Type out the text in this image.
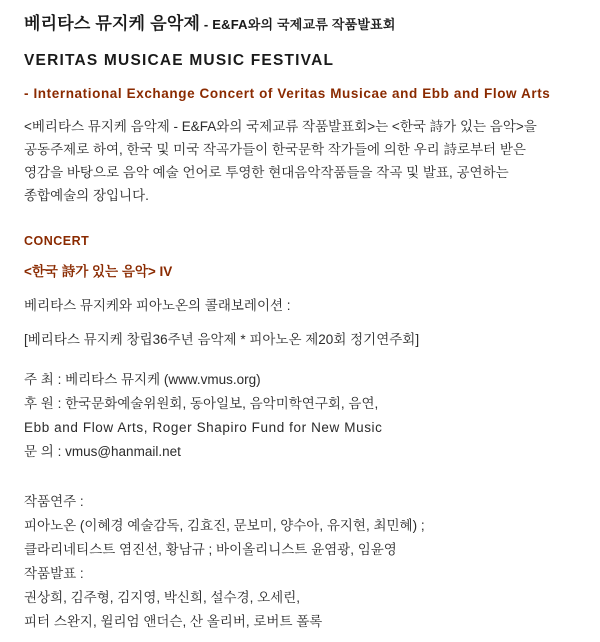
베리타스 뮤지케 음악제 - E&FA와의 국제교류 작품발표회
VERITAS MUSICAE MUSIC FESTIVAL
- International Exchange Concert of Veritas Musicae and Ebb and Flow Arts
<베리타스 뮤지케 음악제 - E&FA와의 국제교류 작품발표회>는 <한국 詩가 있는 음악>을
공동주제로 하여, 한국 및 미국 작곡가들이 한국문학 작가들에 의한 우리 詩로부터 받은
영감을 바탕으로 음악 예술 언어로 투영한 현대음악작품들을 작곡 및 발표, 공연하는
종합예술의 장입니다.
CONCERT
<한국 詩가 있는 음악> IV
베리타스 뮤지케와 피아노온의 콜래보레이션 :
[베리타스 뮤지케 창립36주년 음악제 * 피아노온 제20회 정기연주회]
주 최 : 베리타스 뮤지케 (www.vmus.org)
후 원 : 한국문화예술위원회, 동아일보, 음악미학연구회, 음연,
Ebb and Flow Arts, Roger Shapiro Fund for New Music
문 의 : vmus@hanmail.net
작품연주 :
피아노온 (이혜경 예술감독, 김효진, 문보미, 양수아, 유지현, 최민혜) ;
클라리네티스트 염진선, 황남규 ; 바이올리니스트 윤염광, 임윤영
작품발표 :
권상희, 김주형, 김지영, 박신희, 설수경, 오세린,
피터 스완지, 윌리엄 앤더슨, 산 올리버, 로버트 폴록
